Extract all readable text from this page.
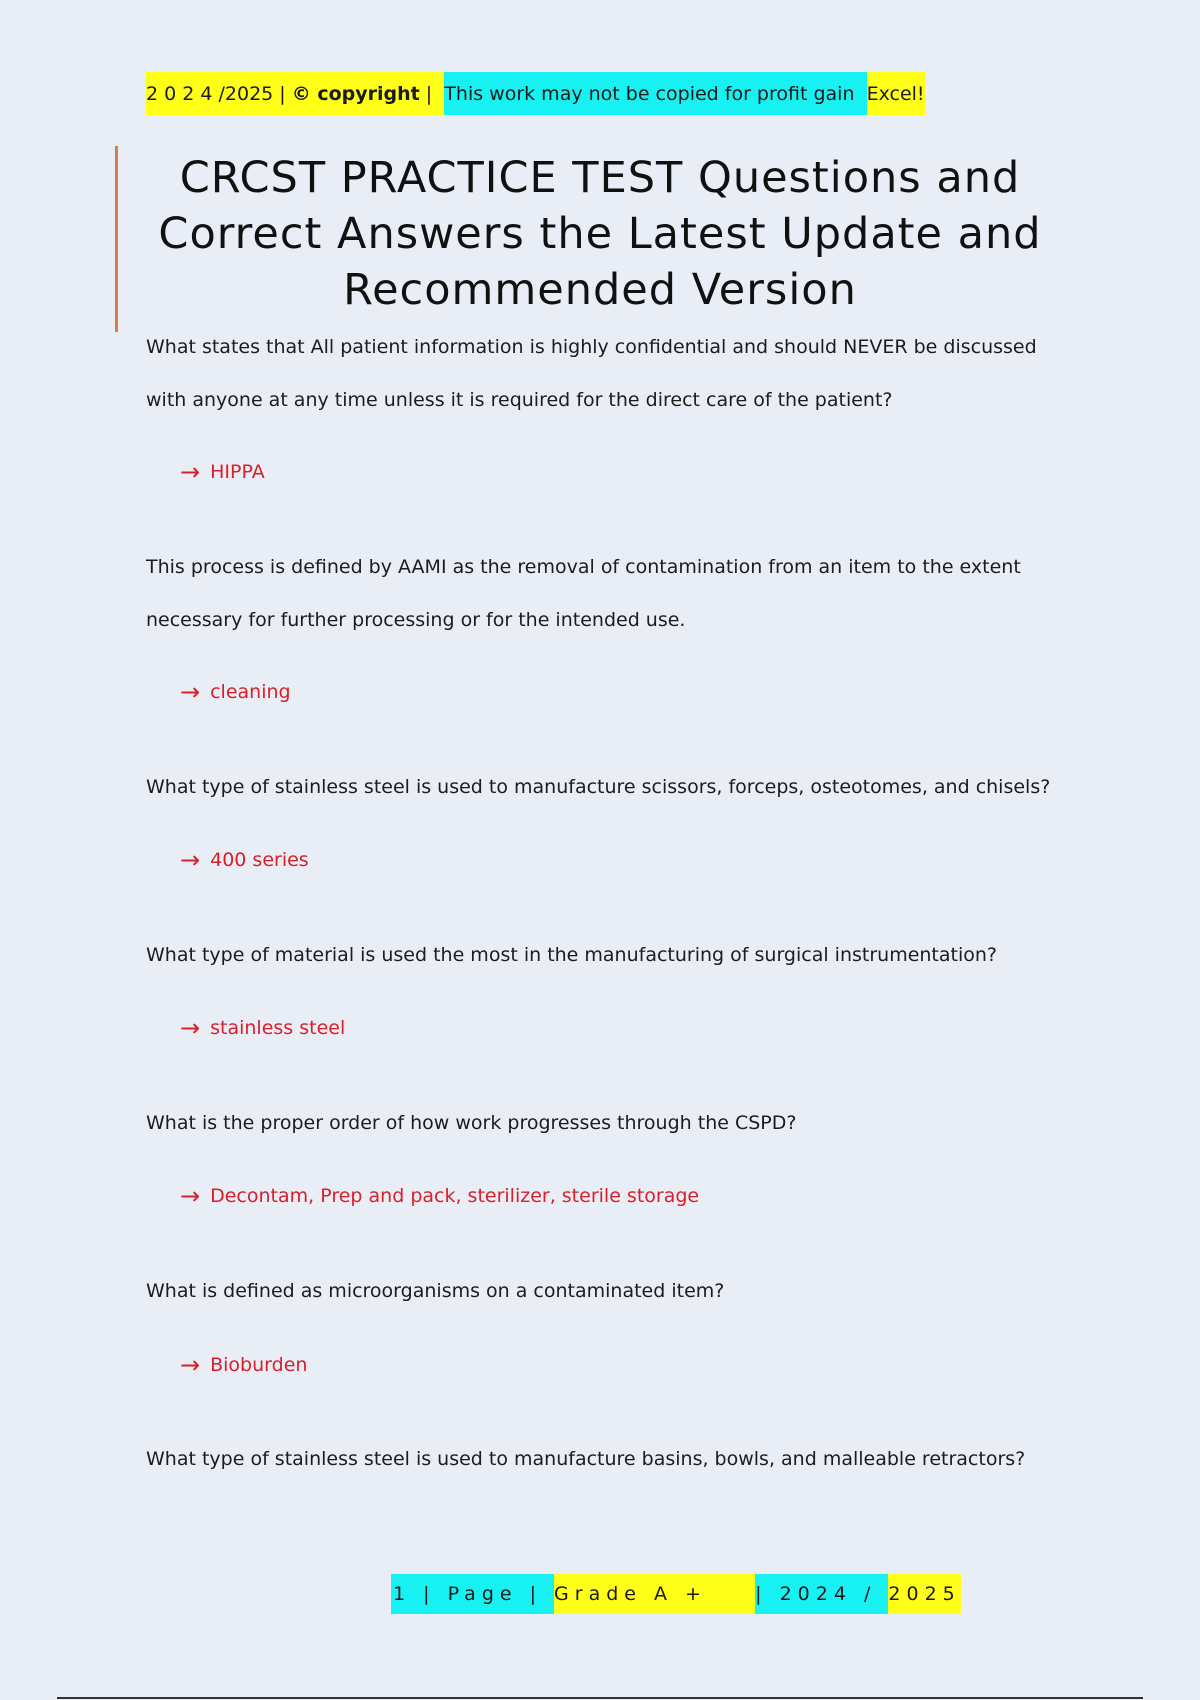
2 0 2 4 /2025 | © copyright | This work may not be copied for profit gain Excel!
CRCST PRACTICE TEST Questions and Correct Answers the Latest Update and Recommended Version
What states that All patient information is highly confidential and should NEVER be discussed with anyone at any time unless it is required for the direct care of the patient?
→ HIPPA
This process is defined by AAMI as the removal of contamination from an item to the extent necessary for further processing or for the intended use.
→ cleaning
What type of stainless steel is used to manufacture scissors, forceps, osteotomes, and chisels?
→ 400 series
What type of material is used the most in the manufacturing of surgical instrumentation?
→ stainless steel
What is the proper order of how work progresses through the CSPD?
→ Decontam, Prep and pack, sterilizer, sterile storage
What is defined as microorganisms on a contaminated item?
→ Bioburden
What type of stainless steel is used to manufacture basins, bowls, and malleable retractors?
1 | Page | Grade A + | 2024 / 2025
